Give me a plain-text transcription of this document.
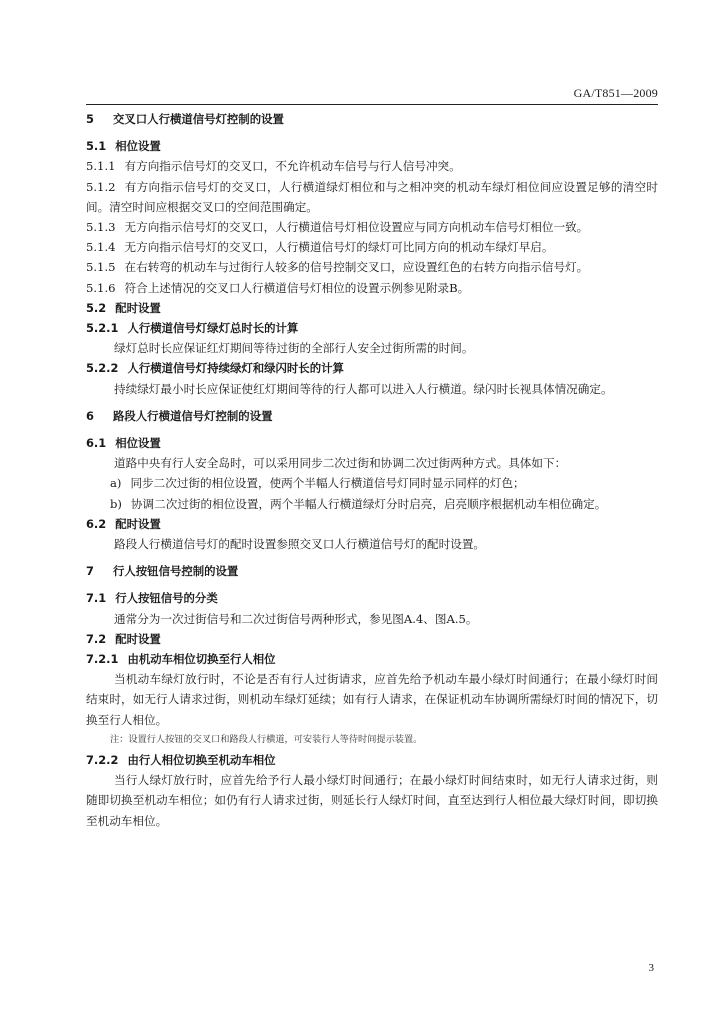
GA/T851—2009
5 交叉口人行横道信号灯控制的设置
5.1 相位设置
5.1.1 有方向指示信号灯的交叉口，不允许机动车信号与行人信号冲突。
5.1.2 有方向指示信号灯的交叉口，人行横道绿灯相位和与之相冲突的机动车绿灯相位间应设置足够的清空时间。清空时间应根据交叉口的空间范围确定。
5.1.3 无方向指示信号灯的交叉口，人行横道信号灯相位设置应与同方向机动车信号灯相位一致。
5.1.4 无方向指示信号灯的交叉口，人行横道信号灯的绿灯可比同方向的机动车绿灯早启。
5.1.5 在右转弯的机动车与过街行人较多的信号控制交叉口，应设置红色的右转方向指示信号灯。
5.1.6 符合上述情况的交叉口人行横道信号灯相位的设置示例参见附录B。
5.2 配时设置
5.2.1 人行横道信号灯绿灯总时长的计算
绿灯总时长应保证红灯期间等待过街的全部行人安全过街所需的时间。
5.2.2 人行横道信号灯持续绿灯和绿闪时长的计算
持续绿灯最小时长应保证使红灯期间等待的行人都可以进入人行横道。绿闪时长视具体情况确定。
6 路段人行横道信号灯控制的设置
6.1 相位设置
道路中央有行人安全岛时，可以采用同步二次过街和协调二次过街两种方式。具体如下：
a) 同步二次过街的相位设置，使两个半幅人行横道信号灯同时显示同样的灯色；
b) 协调二次过街的相位设置，两个半幅人行横道绿灯分时启亮，启亮顺序根据机动车相位确定。
6.2 配时设置
路段人行横道信号灯的配时设置参照交叉口人行横道信号灯的配时设置。
7 行人按钮信号控制的设置
7.1 行人按钮信号的分类
通常分为一次过街信号和二次过街信号两种形式，参见图A.4、图A.5。
7.2 配时设置
7.2.1 由机动车相位切换至行人相位
当机动车绿灯放行时，不论是否有行人过街请求，应首先给予机动车最小绿灯时间通行；在最小绿灯时间结束时，如无行人请求过街，则机动车绿灯延续；如有行人请求，在保证机动车协调所需绿灯时间的情况下，切换至行人相位。
注：设置行人按钮的交叉口和路段人行横道，可安装行人等待时间提示装置。
7.2.2 由行人相位切换至机动车相位
当行人绿灯放行时，应首先给予行人最小绿灯时间通行；在最小绿灯时间结束时，如无行人请求过街，则随即切换至机动车相位；如仍有行人请求过街，则延长行人绿灯时间，直至达到行人相位最大绿灯时间，即切换至机动车相位。
3
